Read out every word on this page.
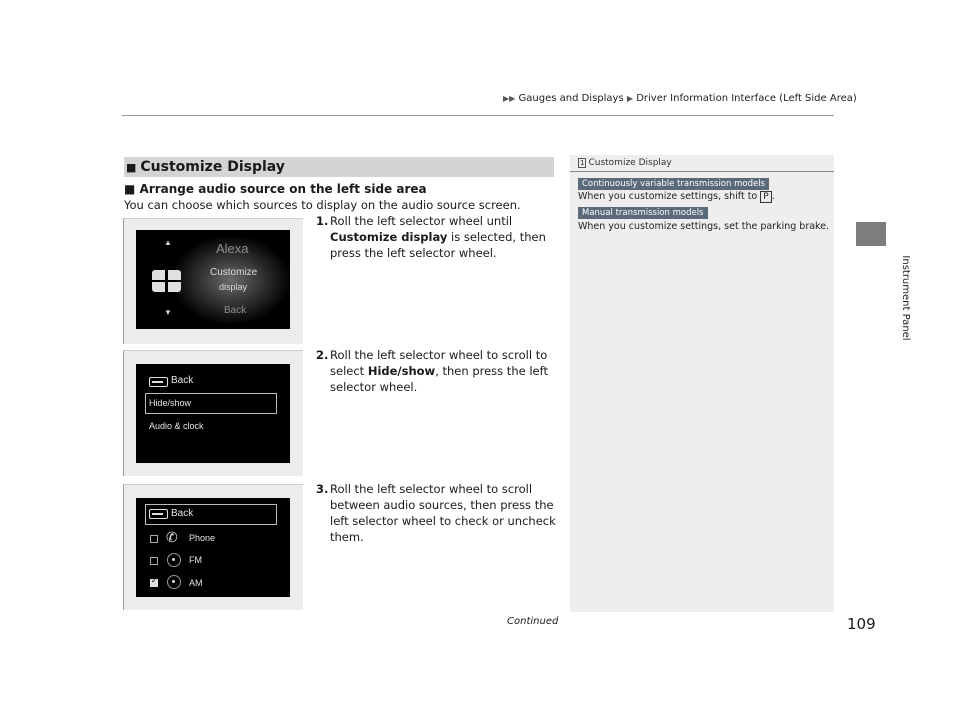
▶▶ Gauges and Displays ▶ Driver Information Interface (Left Side Area)
Instrument Panel
■ Customize Display
■ Arrange audio source on the left side area
You can choose which sources to display on the audio source screen.
▲	Alexa
Customize
display
▼	Back
Back
Hide/show
Audio & clock
Back
✆ Phone
FM
✓	AM
1. Roll the left selector wheel until Customize display is selected, then press the left selector wheel.
2. Roll the left selector wheel to scroll to select Hide/show, then press the left selector wheel.
3. Roll the left selector wheel to scroll between audio sources, then press the left selector wheel to check or uncheck them.
1 Customize Display
Continuously variable transmission models
When you customize settings, shift to P .
Manual transmission models
When you customize settings, set the parking brake.
Continued	109
